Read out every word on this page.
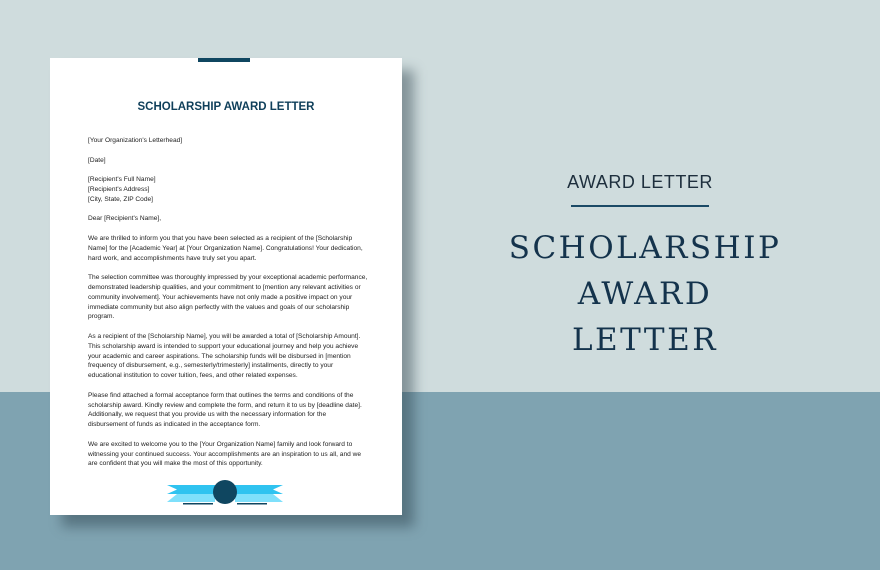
SCHOLARSHIP AWARD LETTER

[Your Organization's Letterhead]

[Date]

[Recipient's Full Name]
[Recipient's Address]
[City, State, ZIP Code]

Dear [Recipient's Name],

We are thrilled to inform you that you have been selected as a recipient of the [Scholarship
Name] for the [Academic Year] at [Your Organization Name]. Congratulations! Your dedication,
hard work, and accomplishments have truly set you apart.

The selection committee was thoroughly impressed by your exceptional academic performance,
demonstrated leadership qualities, and your commitment to [mention any relevant activities or
community involvement]. Your achievements have not only made a positive impact on your
immediate community but also align perfectly with the values and goals of our scholarship
program.

As a recipient of the [Scholarship Name], you will be awarded a total of [Scholarship Amount].
This scholarship award is intended to support your educational journey and help you achieve
your academic and career aspirations. The scholarship funds will be disbursed in [mention
frequency of disbursement, e.g., semesterly/trimesterly] installments, directly to your
educational institution to cover tuition, fees, and other related expenses.

Please find attached a formal acceptance form that outlines the terms and conditions of the
scholarship award. Kindly review and complete the form, and return it to us by [deadline date].
Additionally, we request that you provide us with the necessary information for the
disbursement of funds as indicated in the acceptance form.

We are excited to welcome you to the [Your Organization Name] family and look forward to
witnessing your continued success. Your accomplishments are an inspiration to us all, and we
are confident that you will make the most of this opportunity.

AWARD LETTER
SCHOLARSHIP AWARD
LETTER
